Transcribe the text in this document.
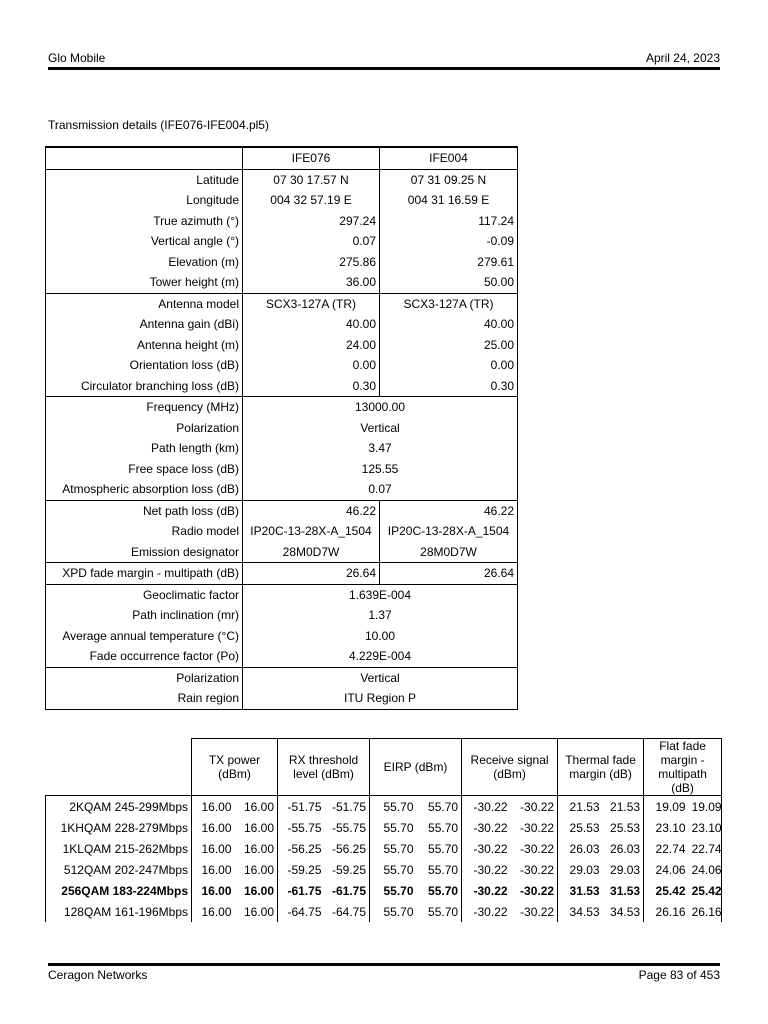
Glo Mobile	April 24, 2023
Transmission details (IFE076-IFE004.pl5)
	IFE076	IFE004
Latitude	07 30 17.57 N	07 31 09.25 N
Longitude	004 32 57.19 E	004 31 16.59 E
True azimuth (°)	297.24	117.24
Vertical angle (°)	0.07	-0.09
Elevation (m)	275.86	279.61
Tower height (m)	36.00	50.00
Antenna model	SCX3-127A (TR)	SCX3-127A (TR)
Antenna gain (dBi)	40.00	40.00
Antenna height (m)	24.00	25.00
Orientation loss (dB)	0.00	0.00
Circulator branching loss (dB)	0.30	0.30
Frequency (MHz)	13000.00	
Polarization	Vertical	
Path length (km)	3.47	
Free space loss (dB)	125.55	
Atmospheric absorption loss (dB)	0.07	
Net path loss (dB)	46.22	46.22
Radio model	IP20C-13-28X-A_1504	IP20C-13-28X-A_1504
Emission designator	28M0D7W	28M0D7W
XPD fade margin - multipath (dB)	26.64	26.64
Geoclimatic factor	1.639E-004	
Path inclination (mr)	1.37	
Average annual temperature (°C)	10.00	
Fade occurrence factor (Po)	4.229E-004	
Polarization	Vertical	
Rain region	ITU Region P	
	TX power (dBm)		RX threshold level (dBm)		EIRP (dBm)		Receive signal (dBm)		Thermal fade margin (dB)		Flat fade margin - multipath (dB)	
2KQAM 245-299Mbps	16.00	16.00	-51.75	-51.75	55.70	55.70	-30.22	-30.22	21.53	21.53	19.09	19.09
1KHQAM 228-279Mbps	16.00	16.00	-55.75	-55.75	55.70	55.70	-30.22	-30.22	25.53	25.53	23.10	23.10
1KLQAM 215-262Mbps	16.00	16.00	-56.25	-56.25	55.70	55.70	-30.22	-30.22	26.03	26.03	22.74	22.74
512QAM 202-247Mbps	16.00	16.00	-59.25	-59.25	55.70	55.70	-30.22	-30.22	29.03	29.03	24.06	24.06
256QAM 183-224Mbps	16.00	16.00	-61.75	-61.75	55.70	55.70	-30.22	-30.22	31.53	31.53	25.42	25.42
128QAM 161-196Mbps	16.00	16.00	-64.75	-64.75	55.70	55.70	-30.22	-30.22	34.53	34.53	26.16	26.16
Ceragon Networks	Page 83 of 453
